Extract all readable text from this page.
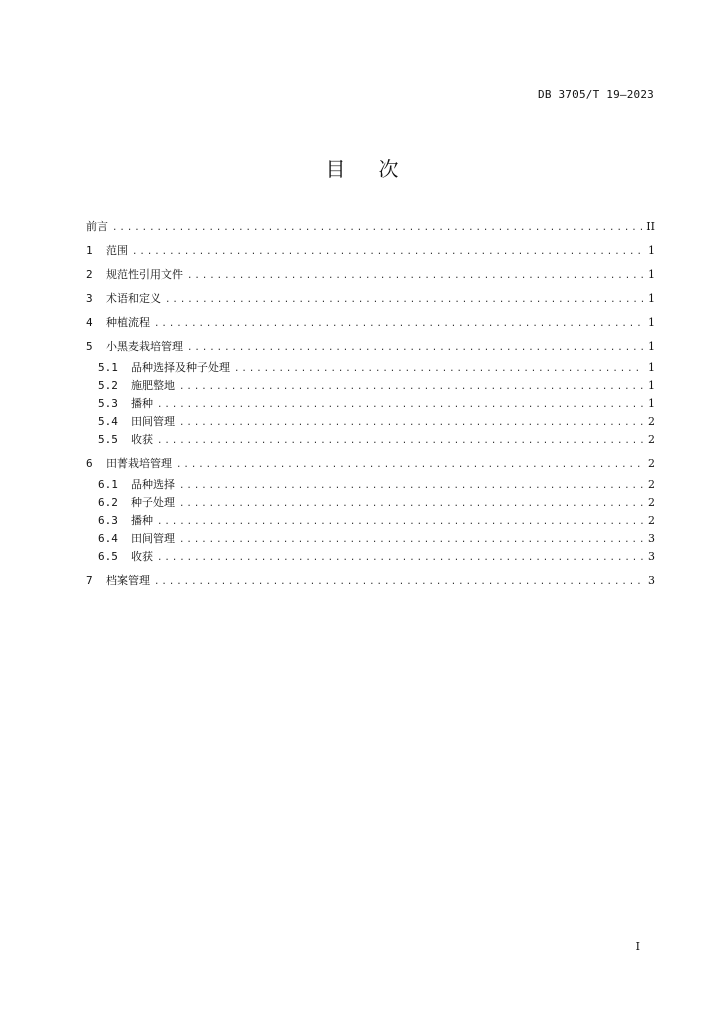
DB 3705/T 19—2023
目 次
前言 .....	II
1	范围 .....	1
2	规范性引用文件 .....	1
3	术语和定义 .....	1
4	种植流程 .....	1
5	小黑麦栽培管理 .....	1
5.1	品种选择及种子处理 .....	1
5.2	施肥整地 .....	1
5.3	播种 .....	1
5.4	田间管理 .....	2
5.5	收获 .....	2
6	田菁栽培管理 .....	2
6.1	品种选择 .....	2
6.2	种子处理 .....	2
6.3	播种 .....	2
6.4	田间管理 .....	3
6.5	收获 .....	3
7	档案管理 .....	3
I
